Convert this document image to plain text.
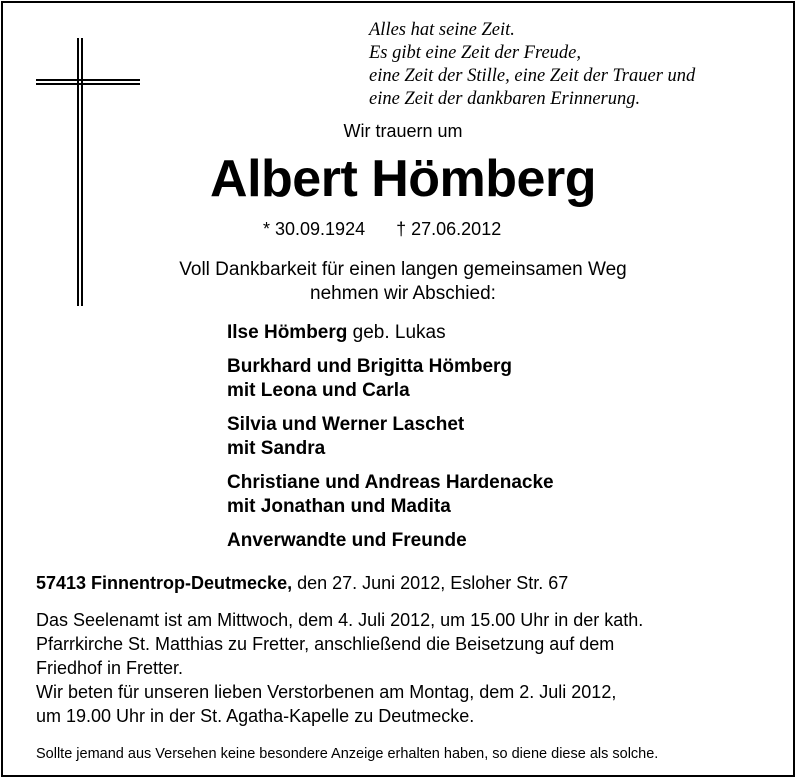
Alles hat seine Zeit.
Es gibt eine Zeit der Freude,
eine Zeit der Stille, eine Zeit der Trauer und
eine Zeit der dankbaren Erinnerung.
Wir trauern um
Albert Hömberg
* 30.09.1924 † 27.06.2012
Voll Dankbarkeit für einen langen gemeinsamen Weg
nehmen wir Abschied:
Ilse Hömberg geb. Lukas
Burkhard und Brigitta Hömberg
mit Leona und Carla
Silvia und Werner Laschet
mit Sandra
Christiane und Andreas Hardenacke
mit Jonathan und Madita
Anverwandte und Freunde
57413 Finnentrop-Deutmecke, den 27. Juni 2012, Esloher Str. 67
Das Seelenamt ist am Mittwoch, dem 4. Juli 2012, um 15.00 Uhr in der kath.
Pfarrkirche St. Matthias zu Fretter, anschließend die Beisetzung auf dem
Friedhof in Fretter.
Wir beten für unseren lieben Verstorbenen am Montag, dem 2. Juli 2012,
um 19.00 Uhr in der St. Agatha-Kapelle zu Deutmecke.
Sollte jemand aus Versehen keine besondere Anzeige erhalten haben, so diene diese als solche.
